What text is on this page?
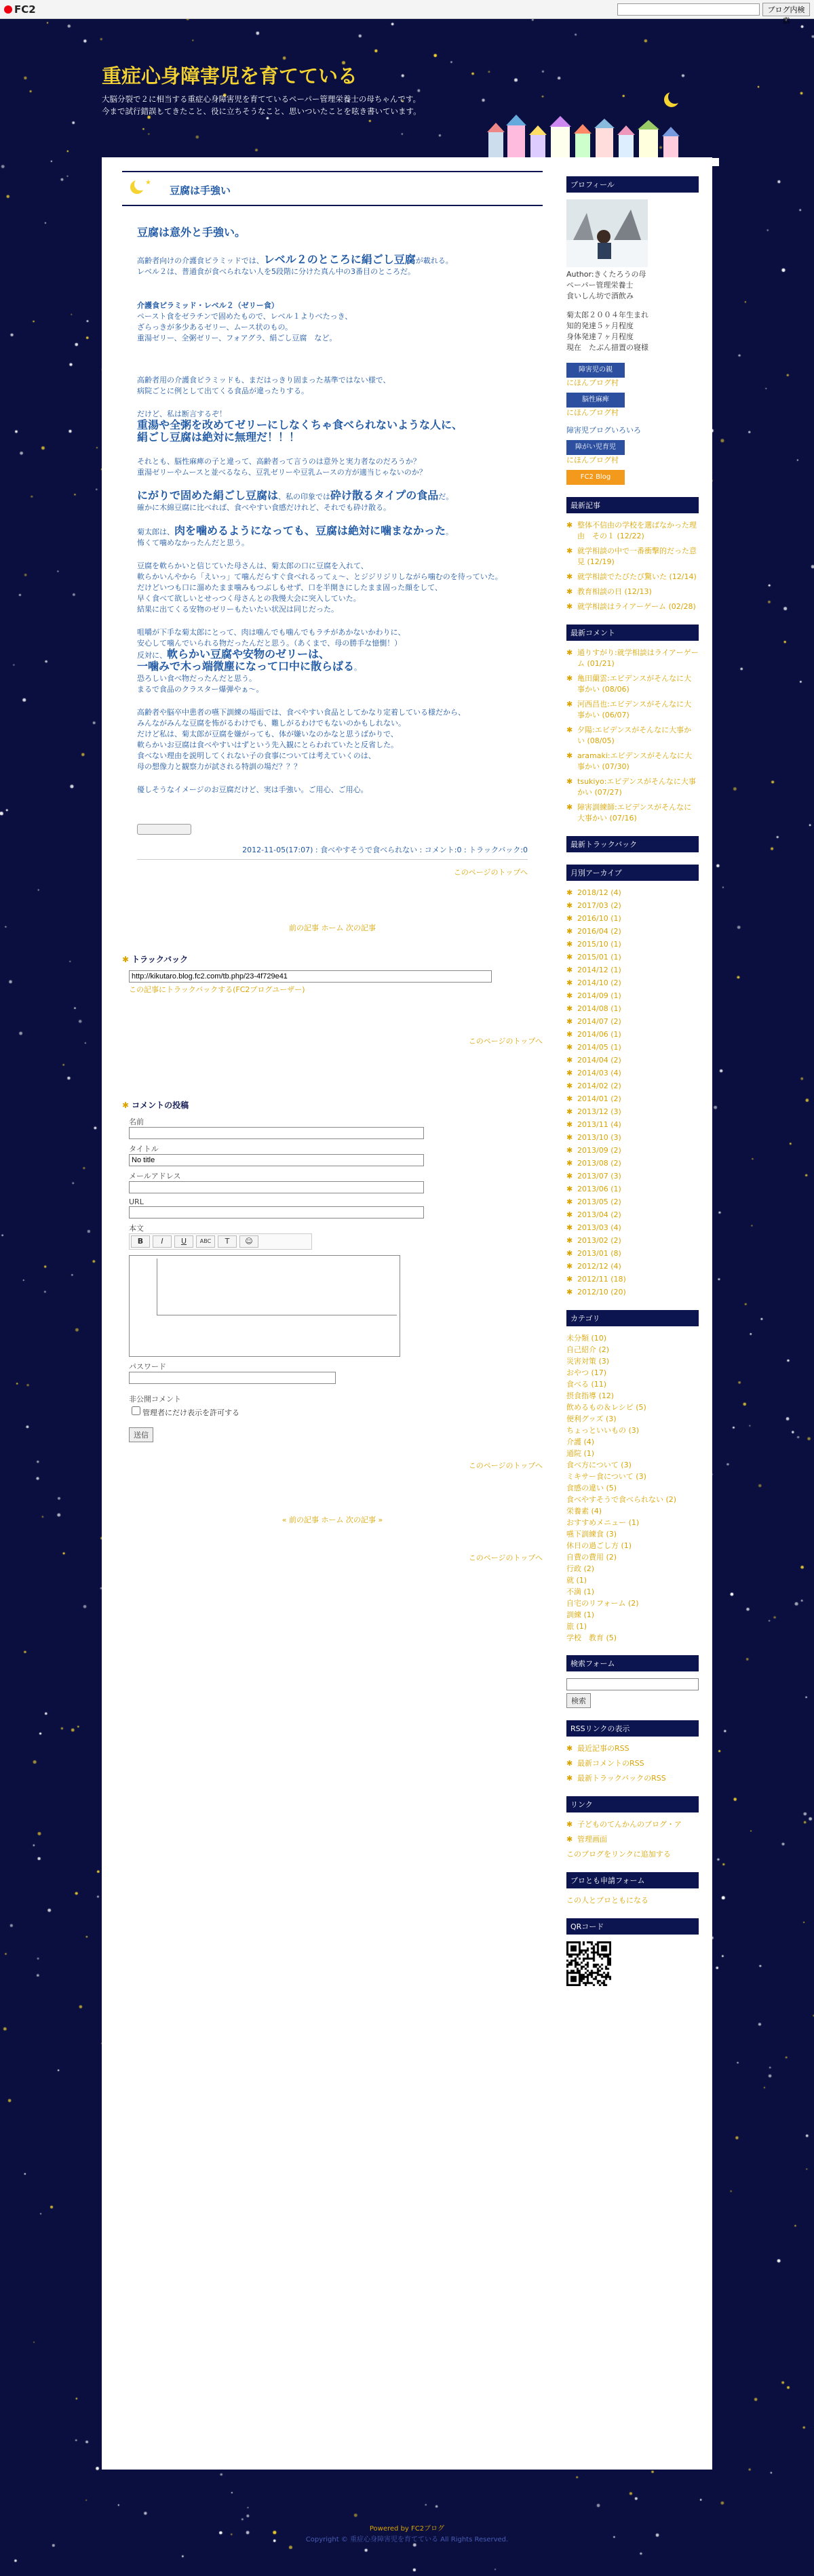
FC2	ブログ内検索
重症心身障害児を育てている
大脳分裂で２に相当する重症心身障害児を育てているペーパー管理栄養士の母ちゃんです。
今まで試行錯誤してきたこと、役に立ちそうなこと、思いついたことを呟き書いています。
★
豆腐は手強い
豆腐は意外と手強い。

高齢者向けの介護食ピラミッドでは、レベル２のところに絹ごし豆腐が載れる。
レベル２は、普通食が食べられない人を5段階に分けた真ん中の3番目のところだ。

介護食ピラミッド・レベル２（ゼリー食）
ペースト食をゼラチンで固めたもので、レベル１よりべたっき、
ざらっきが多少あるゼリー、ムース状のもの。
重湯ゼリー、全粥ゼリー、フォアグラ、絹ごし豆腐　など。

高齢者用の介護食ピラミッドも、まだはっきり固まった基準ではない様で、
病院ごとに例として出てくる食品が違ったりする。

だけど、私は断言するぞ！
重湯や全粥を改めてゼリーにしなくちゃ食べられないような人に、
絹ごし豆腐は絶対に無理だ！！！

それとも、脳性麻痺の子と違って、高齢者って言うのは意外と実力者なのだろうか？
重湯ゼリーやムースと並べるなら、豆乳ゼリーや豆乳ムースの方が適当じゃないのか？

にがりで固めた絹ごし豆腐は、私の印象では砕け散るタイプの食品だ。
確かに木綿豆腐に比べれば、食べやすい食感だけれど、それでも砕け散る。

菊太郎は、肉を噛めるようになっても、豆腐は絶対に噛まなかった。
怖くて噛めなかったんだと思う。

豆腐を軟らかいと信じていた母さんは、菊太郎の口に豆腐を入れて、
軟らかいんやから「えいっ」て噛んだらすぐ食べれるってぇ〜、とジジリジリしながら噛むのを待っていた。
だけどいつも口に溜めたまま噛みもつぶしもせず、口を半開きにしたまま固った顔をして、
早く食べて欲しいとせっつく母さんとの我慢大会に突入していた。
結果に出てくる安物のゼリーもたいたい状況は同じだった。

咀嚼が下手な菊太郎にとって、肉は噛んでも噛んでもラチがあかないかわりに、
安心して噛んでいられる物だったんだと思う。（あくまで、母の勝手な憶惻！）
反対に、軟らかい豆腐や安物のゼリーは、
一噛みで木っ端微塵になって口中に散らばる。
恐ろしい食べ物だったんだと思う。
まるで食品のクラスター爆弾やぁ〜。

高齢者や脳卒中患者の嚥下訓練の場面では、食べやすい食品としてかなり定着している様だから、
みんながみんな豆腐を怖がるわけでも、難しがるわけでもないのかもしれない。
だけど私は、菊太郎が豆腐を嫌がっても、体が嫌いなのかなと思うばかりで、
軟らかいお豆腐は食べやすいはずという先入観にとらわれていたと反省した。
食べない理由を説明してくれない子の食事については考えていくのは、
母の想像力と観察力が試される特訓の場だ？？？

優しそうなイメージのお豆腐だけど、実は手強い。ご用心、ご用心。

2012-11-05(17:07) : 食べやすそうで食べられない : コメント:0 : トラックバック:0
このページのトップへ
前の記事 ホーム 次の記事
✱ トラックバック
http://kikutaro.blog.fc2.com/tb.php/23-4f729e41
この記事にトラックバックする(FC2ブログユーザー)
このページのトップへ
✱ コメントの投稿
名前
タイトル
No title
メールアドレス
URL
本文
B	I	U	ABC	T	☺
パスワード
非公開コメント
管理者にだけ表示を許可する
送信
このページのトップへ
« 前の記事 ホーム 次の記事 »
このページのトップへ
プロフィール
Author:きくたろうの母
ペーパー管理栄養士
食いしん坊で酒飲み
菊太郎２００４年生まれ
知的発達５ヶ月程度
身体発達７ヶ月程度
現在　たぶん措置の寝様
障害児の親
にほんブログ村
脳性麻痺
にほんブログ村
障害児ブログいろいろ
障がい児育児
にほんブログ村
FC2 Blog Ranking
最新記事
✱ 整体不信由の学校を選ばなかった理由　その１ (12/22)
✱ 就学相談の中で一番衝撃的だった意見 (12/19)
✱ 就学相談でたびたび驚いた (12/14)
✱ 教育相談の日 (12/13)
✱ 就学相談はライアーゲーム (02/28)
最新コメント
✱ 通りすがり:就学相談はライアーゲーム (01/21)
✱ 亀田蘭雲:エビデンスがそんなに大事かい (08/06)
✱ 河西昌也:エビデンスがそんなに大事かい (06/07)
✱ 夕陽:エビデンスがそんなに大事かい (08/05)
✱ aramaki:エビデンスがそんなに大事かい (07/30)
✱ tsukiyo:エビデンスがそんなに大事かい (07/27)
✱ 障害訓練師:エビデンスがそんなに大事かい (07/16)
最新トラックバック
月別アーカイブ
✱ 2018/12 (4)
✱ 2017/03 (2)
✱ 2016/10 (1)
✱ 2016/04 (2)
✱ 2015/10 (1)
✱ 2015/01 (1)
✱ 2014/12 (1)
✱ 2014/10 (2)
✱ 2014/09 (1)
✱ 2014/08 (1)
✱ 2014/07 (2)
✱ 2014/06 (1)
✱ 2014/05 (1)
✱ 2014/04 (2)
✱ 2014/03 (4)
✱ 2014/02 (2)
✱ 2014/01 (2)
✱ 2013/12 (3)
✱ 2013/11 (4)
✱ 2013/10 (3)
✱ 2013/09 (2)
✱ 2013/08 (2)
✱ 2013/07 (3)
✱ 2013/06 (1)
✱ 2013/05 (2)
✱ 2013/04 (2)
✱ 2013/03 (4)
✱ 2013/02 (2)
✱ 2013/01 (8)
✱ 2012/12 (4)
✱ 2012/11 (18)
✱ 2012/10 (20)
カテゴリ
未分類 (10)
自己紹介 (2)
災害対策 (3)
おやつ (17)
食べる (11)
摂食指導 (12)
飲めるもの＆レシピ (5)
便利グッズ (3)
ちょっといいもの (3)
介護 (4)
通院 (1)
食べ方について (3)
ミキサー食について (3)
食感の違い (5)
食べやすそうで食べられない (2)
栄養素 (4)
おすすめメニュー (1)
嚥下訓練食 (3)
休日の過ごし方 (1)
自費の費用 (2)
行政 (2)
就 (1)
不満 (1)
自宅のリフォーム (2)
訓練 (1)
旅 (1)
学校　教育 (5)
検索フォーム
検索
RSSリンクの表示
✱ 最近記事のRSS
✱ 最新コメントのRSS
✱ 最新トラックバックのRSS
リンク
✱ 子どものてんかんのブログ・ア
✱ 管理画面
このブログをリンクに追加する
ブロとも申請フォーム
この人とブロともになる
QRコード
Powered by FC2ブログ
Copyright © 重症心身障害児を育てている All Rights Reserved.
